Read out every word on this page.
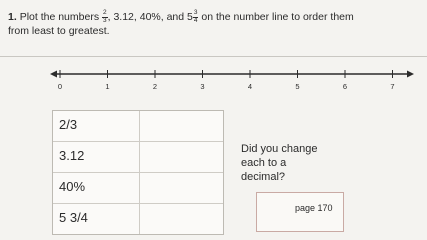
1. Plot the numbers $\frac{2}{3}$ , 3.12, 40%, and $5 \frac{3}{4}$ on the number line to order them
from least to greatest.
0	1	2	3	4	5	6	7
2/3
3.12
40%
5 3/4
Did you change
each to a
decimal?
page 170
